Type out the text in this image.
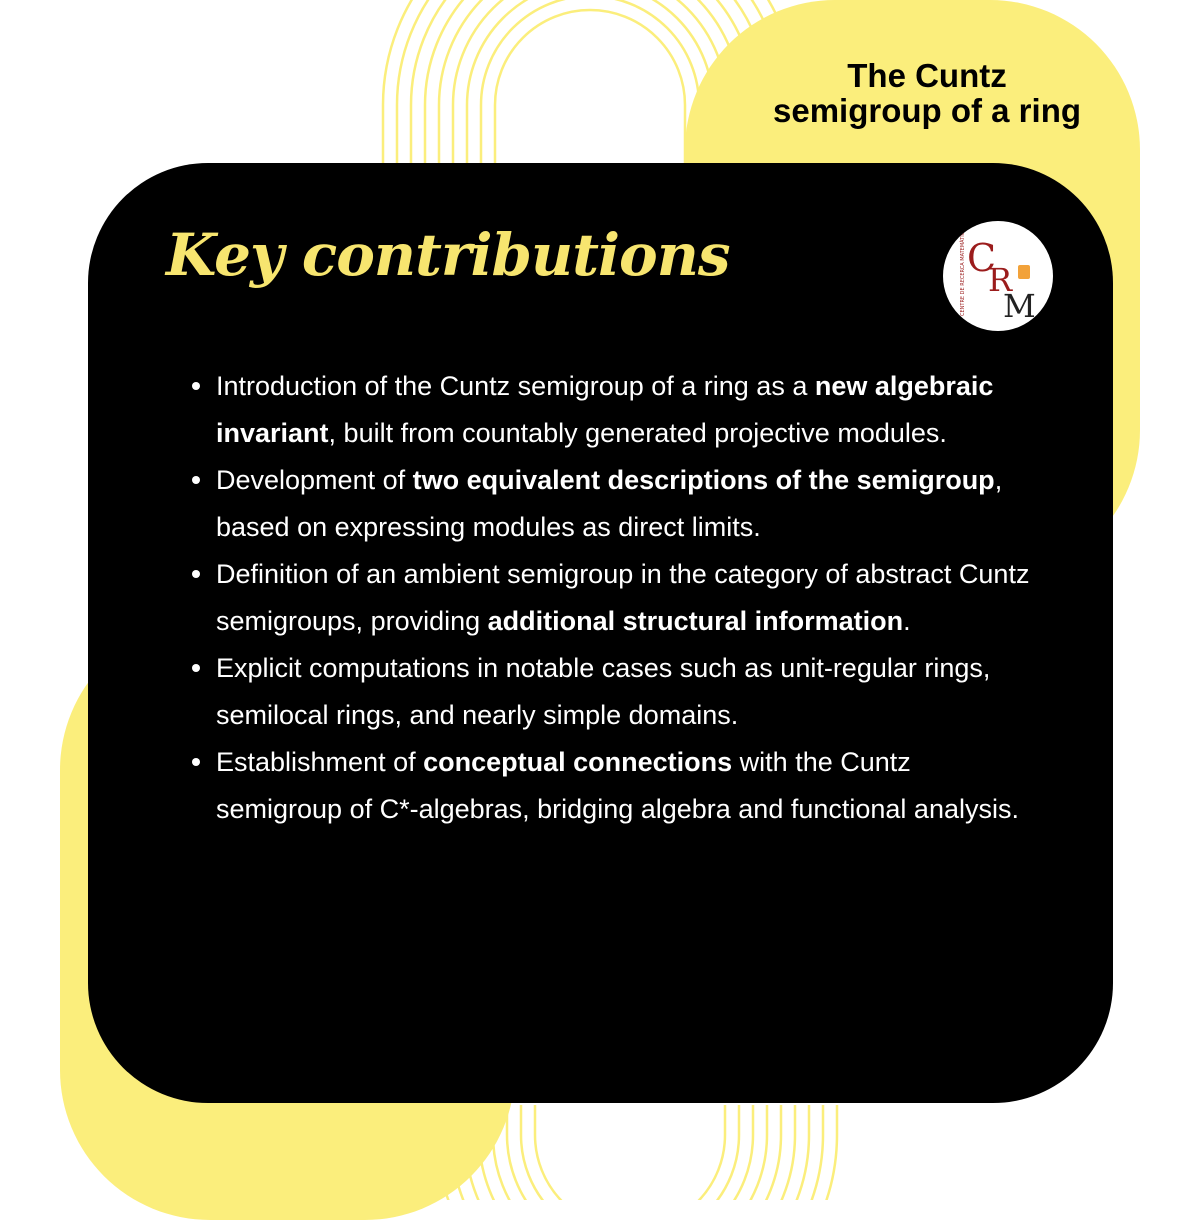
The Cuntz
semigroup of a ring
Key contributions	CENTRE DE RECERCA MATEMÀTICA C
R
M
Introduction of the Cuntz semigroup of a ring as a new algebraic invariant, built from countably generated projective modules.
Development of two equivalent descriptions of the semigroup, based on expressing modules as direct limits.
Definition of an ambient semigroup in the category of abstract Cuntz semigroups, providing additional structural information.
Explicit computations in notable cases such as unit-regular rings, semilocal rings, and nearly simple domains.
Establishment of conceptual connections with the Cuntz semigroup of C*-algebras, bridging algebra and functional analysis.
